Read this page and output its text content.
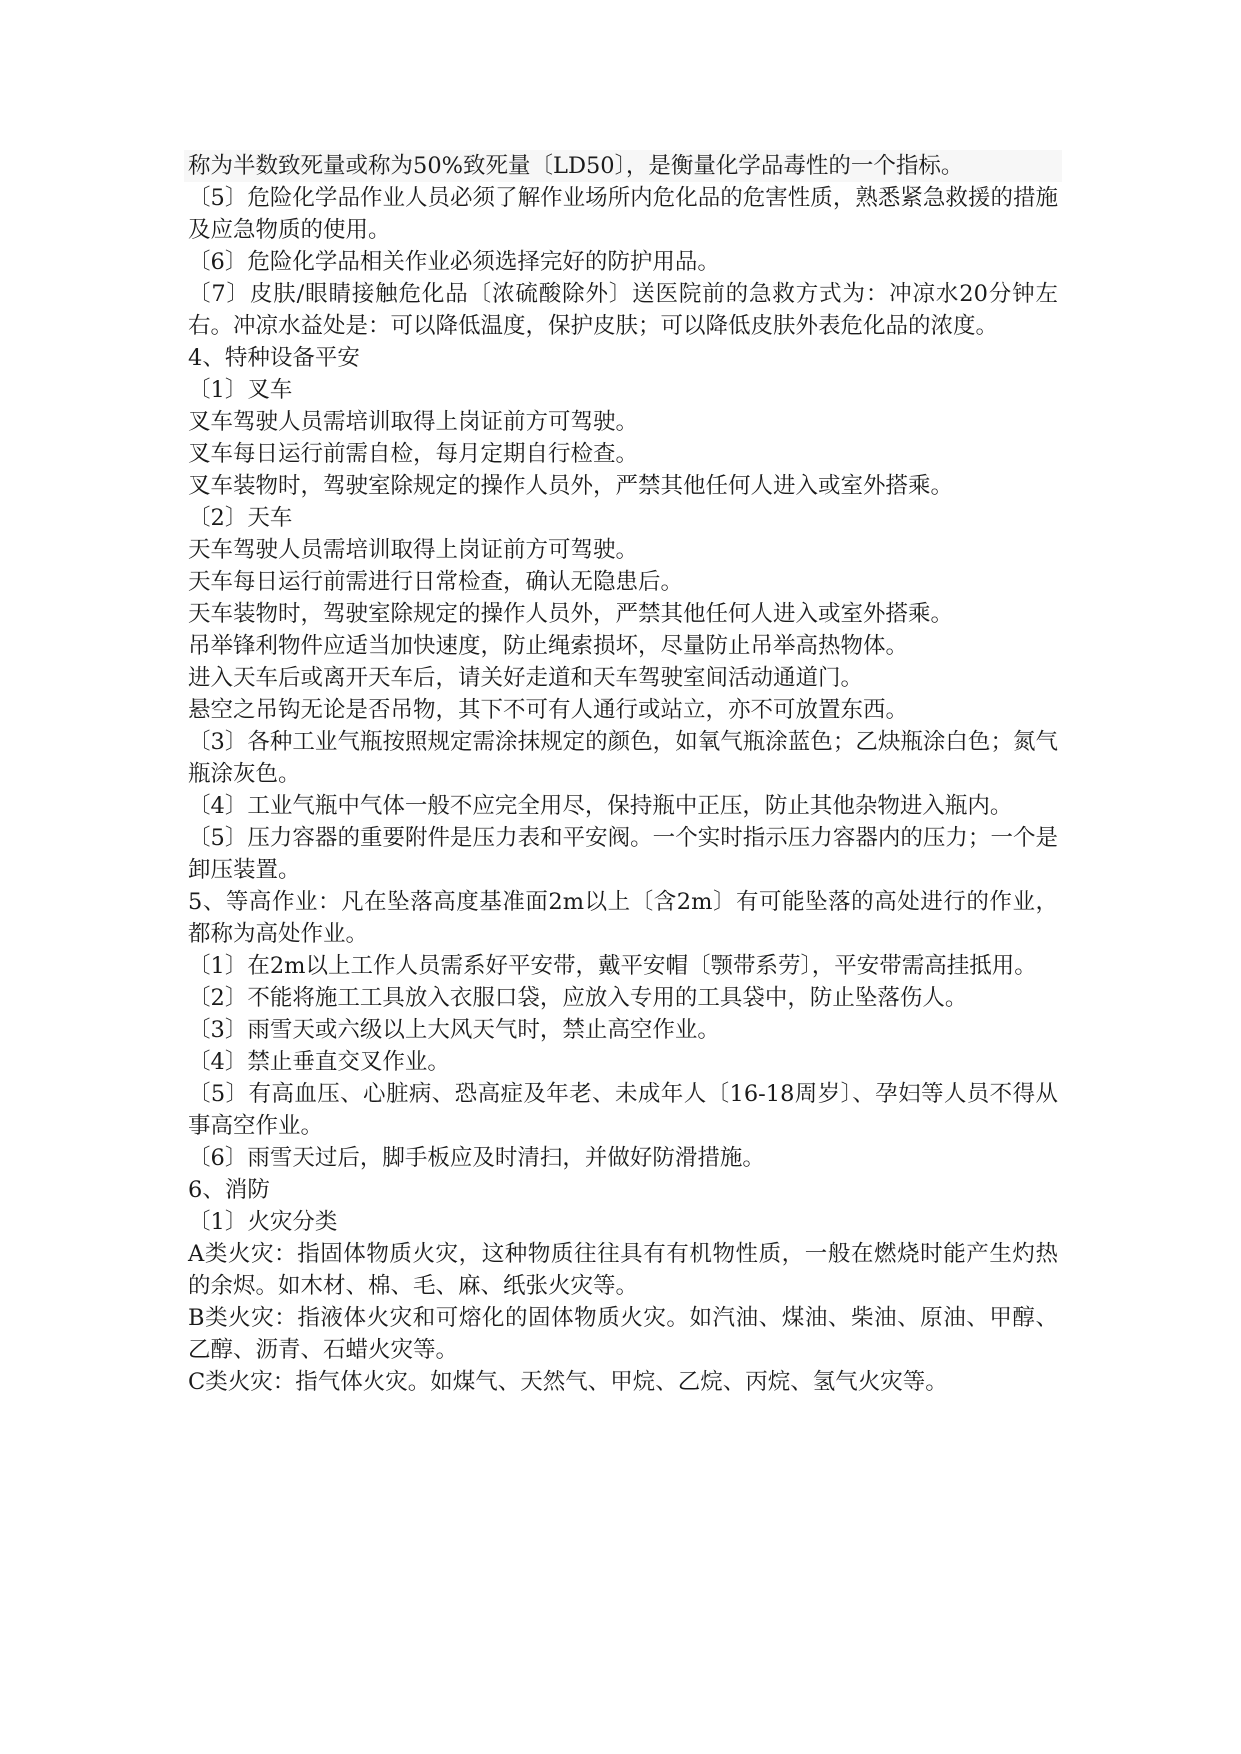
称为半数致死量或称为50%致死量〔LD50〕，是衡量化学品毒性的一个指标。

〔5〕危险化学品作业人员必须了解作业场所内危化品的危害性质，熟悉紧急救援的措施及应急物质的使用。

〔6〕危险化学品相关作业必须选择完好的防护用品。

〔7〕皮肤/眼睛接触危化品〔浓硫酸除外〕送医院前的急救方式为：冲凉水20分钟左右。冲凉水益处是：可以降低温度，保护皮肤；可以降低皮肤外表危化品的浓度。

4、特种设备平安

〔1〕叉车

叉车驾驶人员需培训取得上岗证前方可驾驶。

叉车每日运行前需自检，每月定期自行检查。

叉车装物时，驾驶室除规定的操作人员外，严禁其他任何人进入或室外搭乘。

〔2〕天车

天车驾驶人员需培训取得上岗证前方可驾驶。

天车每日运行前需进行日常检查，确认无隐患后。

天车装物时，驾驶室除规定的操作人员外，严禁其他任何人进入或室外搭乘。

吊举锋利物件应适当加快速度，防止绳索损坏，尽量防止吊举高热物体。

进入天车后或离开天车后，请关好走道和天车驾驶室间活动通道门。

悬空之吊钩无论是否吊物，其下不可有人通行或站立，亦不可放置东西。

〔3〕各种工业气瓶按照规定需涂抹规定的颜色，如氧气瓶涂蓝色；乙炔瓶涂白色；氮气瓶涂灰色。

〔4〕工业气瓶中气体一般不应完全用尽，保持瓶中正压，防止其他杂物进入瓶内。

〔5〕压力容器的重要附件是压力表和平安阀。一个实时指示压力容器内的压力；一个是卸压装置。

5、等高作业：凡在坠落高度基准面2m以上〔含2m〕有可能坠落的高处进行的作业，都称为高处作业。

〔1〕在2m以上工作人员需系好平安带，戴平安帽〔颚带系劳〕，平安带需高挂抵用。

〔2〕不能将施工工具放入衣服口袋，应放入专用的工具袋中，防止坠落伤人。

〔3〕雨雪天或六级以上大风天气时，禁止高空作业。

〔4〕禁止垂直交叉作业。

〔5〕有高血压、心脏病、恐高症及年老、未成年人〔16-18周岁〕、孕妇等人员不得从事高空作业。

〔6〕雨雪天过后，脚手板应及时清扫，并做好防滑措施。

6、消防

〔1〕火灾分类

A类火灾：指固体物质火灾，这种物质往往具有有机物性质，一般在燃烧时能产生灼热的余烬。如木材、棉、毛、麻、纸张火灾等。

B类火灾：指液体火灾和可熔化的固体物质火灾。如汽油、煤油、柴油、原油、甲醇、乙醇、沥青、石蜡火灾等。

C类火灾：指气体火灾。如煤气、天然气、甲烷、乙烷、丙烷、氢气火灾等。
